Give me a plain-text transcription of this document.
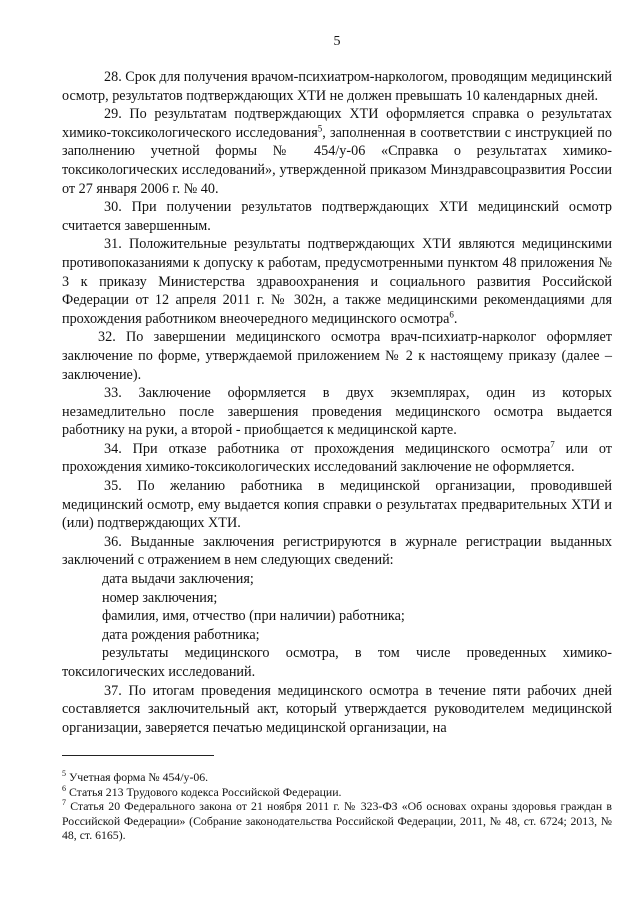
5

28. Срок для получения врачом-психиатром-наркологом, проводящим медицинский осмотр, результатов подтверждающих ХТИ не должен превышать 10 календарных дней.

29. По результатам подтверждающих ХТИ оформляется справка о результатах химико-токсикологического исследования$^5$, заполненная в соответствии с инструкцией по заполнению учетной формы № 454/у-06 «Справка о результатах химико-токсикологических исследований», утвержденной приказом Минздравсоцразвития России от 27 января 2006 г. № 40.

30. При получении результатов подтверждающих ХТИ медицинский осмотр считается завершенным.

31. Положительные результаты подтверждающих ХТИ являются медицинскими противопоказаниями к допуску к работам, предусмотренными пунктом 48 приложения № 3 к приказу Министерства здравоохранения и социального развития Российской Федерации от 12 апреля 2011 г. № 302н, а также медицинскими рекомендациями для прохождения работником внеочередного медицинского осмотра$^6$.

32. По завершении медицинского осмотра врач-психиатр-нарколог оформляет заключение по форме, утверждаемой приложением № 2 к настоящему приказу (далее – заключение).

33. Заключение оформляется в двух экземплярах, один из которых незамедлительно после завершения проведения медицинского осмотра выдается работнику на руки, а второй - приобщается к медицинской карте.

34. При отказе работника от прохождения медицинского осмотра$^7$ или от прохождения химико-токсикологических исследований заключение не оформляется.

35. По желанию работника в медицинской организации, проводившей медицинский осмотр, ему выдается копия справки о результатах предварительных ХТИ и (или) подтверждающих ХТИ.

36. Выданные заключения регистрируются в журнале регистрации выданных заключений с отражением в нем следующих сведений:

дата выдачи заключения;

номер заключения;

фамилия, имя, отчество (при наличии) работника;

дата рождения работника;

результаты медицинского осмотра, в том числе проведенных химико-токсилогических исследований.

37. По итогам проведения медицинского осмотра в течение пяти рабочих дней составляется заключительный акт, который утверждается руководителем медицинской организации, заверяется печатью медицинской организации, на

$^5$ Учетная форма № 454/у-06.

$^6$ Статья 213 Трудового кодекса Российской Федерации.

$^7$ Статья 20 Федерального закона от 21 ноября 2011 г. № 323-ФЗ «Об основах охраны здоровья граждан в Российской Федерации» (Собрание законодательства Российской Федерации, 2011, № 48, ст. 6724; 2013, № 48, ст. 6165).
